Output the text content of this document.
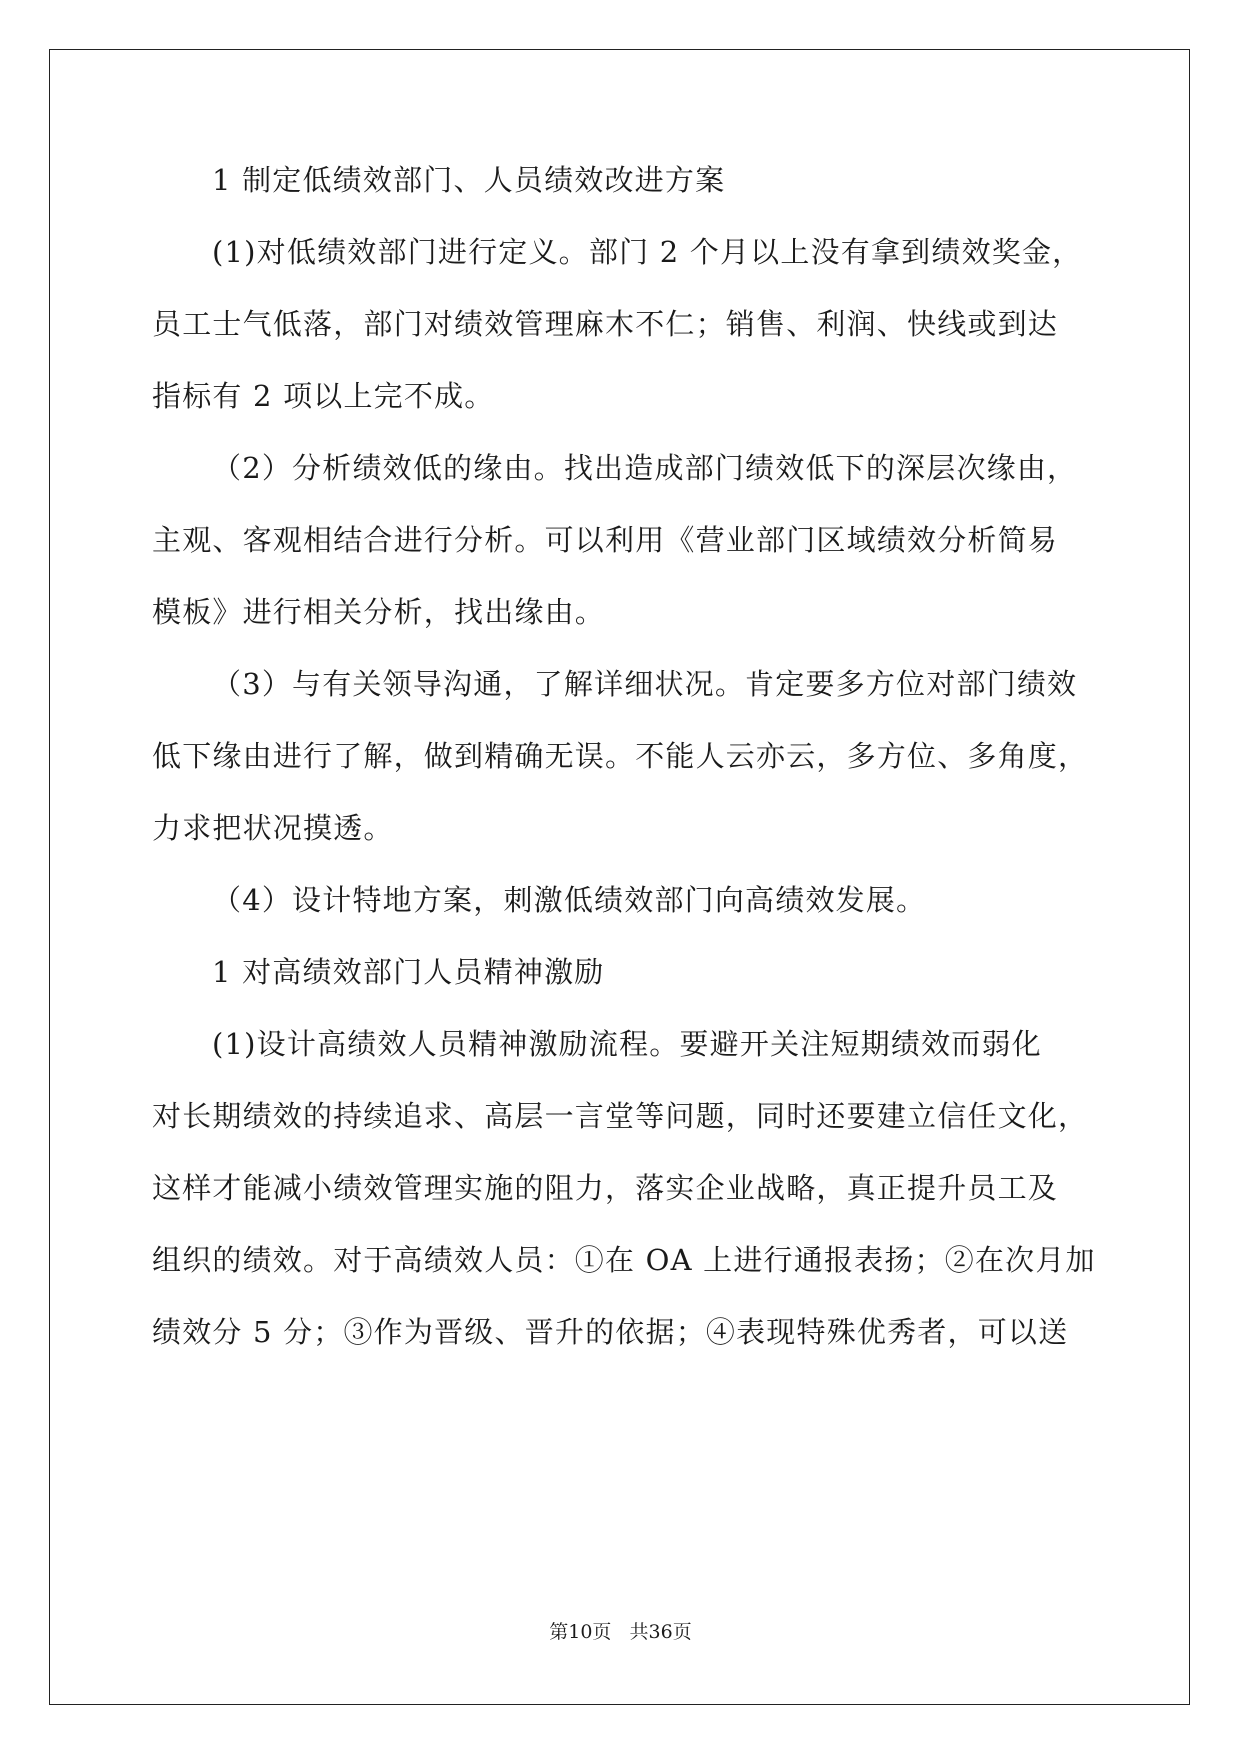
1 制定低绩效部门、人员绩效改进方案
(1)对低绩效部门进行定义。部门 2 个月以上没有拿到绩效奖金，
员工士气低落，部门对绩效管理麻木不仁；销售、利润、快线或到达
指标有 2 项以上完不成。
（2）分析绩效低的缘由。找出造成部门绩效低下的深层次缘由，
主观、客观相结合进行分析。可以利用《营业部门区域绩效分析简易
模板》进行相关分析，找出缘由。
（3）与有关领导沟通，了解详细状况。肯定要多方位对部门绩效
低下缘由进行了解，做到精确无误。不能人云亦云，多方位、多角度，
力求把状况摸透。
（4）设计特地方案，刺激低绩效部门向高绩效发展。
1 对高绩效部门人员精神激励
(1)设计高绩效人员精神激励流程。要避开关注短期绩效而弱化
对长期绩效的持续追求、高层一言堂等问题，同时还要建立信任文化，
这样才能减小绩效管理实施的阻力，落实企业战略，真正提升员工及
组织的绩效。对于高绩效人员：①在 OA 上进行通报表扬；②在次月加
绩效分 5 分；③作为晋级、晋升的依据；④表现特殊优秀者，可以送
第10页   共36页
